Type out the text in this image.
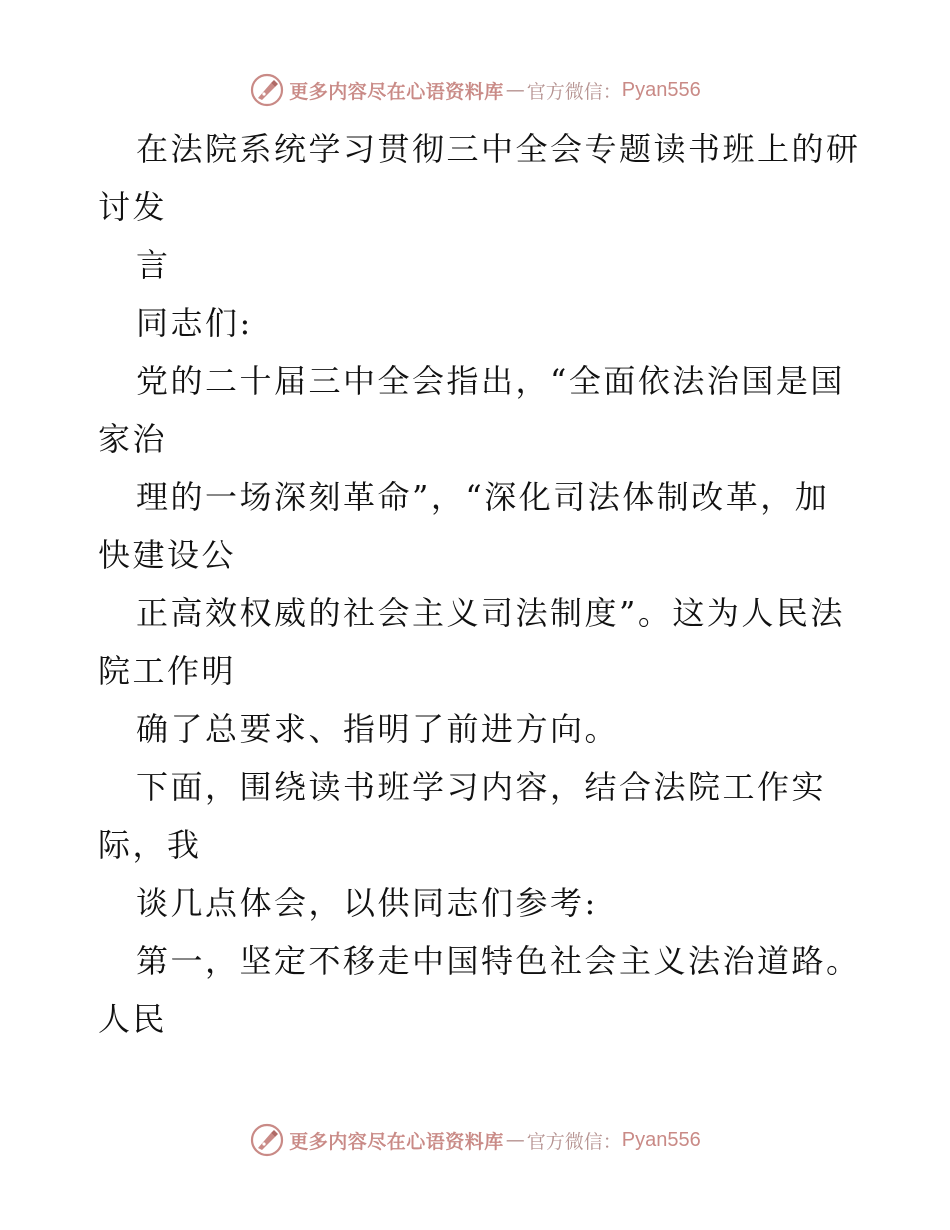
更多内容尽在心语资料库 — 官方微信： Pyan556
在法院系统学习贯彻三中全会专题读书班上的研
讨发
言
同志们:
党的二十届三中全会指出，“全面依法治国是国
家治
理的一场深刻革命”，“深化司法体制改革，加
快建设公
正高效权威的社会主义司法制度”。这为人民法
院工作明
确了总要求、指明了前进方向。
下面，围绕读书班学习内容，结合法院工作实
际，我
谈几点体会，以供同志们参考:
第一，坚定不移走中国特色社会主义法治道路。
人民
更多内容尽在心语资料库 — 官方微信： Pyan556
